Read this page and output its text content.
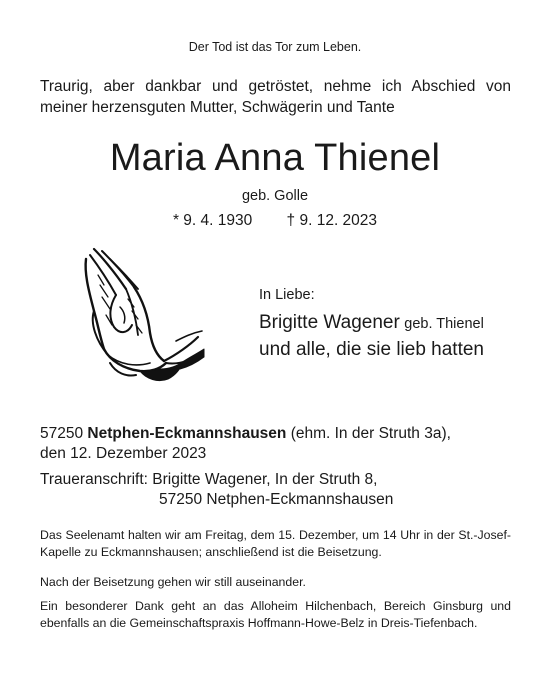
Der Tod ist das Tor zum Leben.
Traurig, aber dankbar und getröstet, nehme ich Abschied von meiner herzensguten Mutter, Schwägerin und Tante
Maria Anna Thienel
geb. Golle
* 9. 4. 1930 † 9. 12. 2023
In Liebe:
Brigitte Wagener geb. Thienel
und alle, die sie lieb hatten
57250 Netphen-Eckmannshausen (ehm. In der Struth 3a),
den 12. Dezember 2023
Traueranschrift: Brigitte Wagener, In der Struth 8,
57250 Netphen-Eckmannshausen
Das Seelenamt halten wir am Freitag, dem 15. Dezember, um 14 Uhr in der St.-Josef-Kapelle zu Eckmannshausen; anschließend ist die Beisetzung.
Nach der Beisetzung gehen wir still auseinander.
Ein besonderer Dank geht an das Alloheim Hilchenbach, Bereich Ginsburg und ebenfalls an die Gemeinschaftspraxis Hoffmann-Howe-Belz in Dreis-Tiefenbach.
